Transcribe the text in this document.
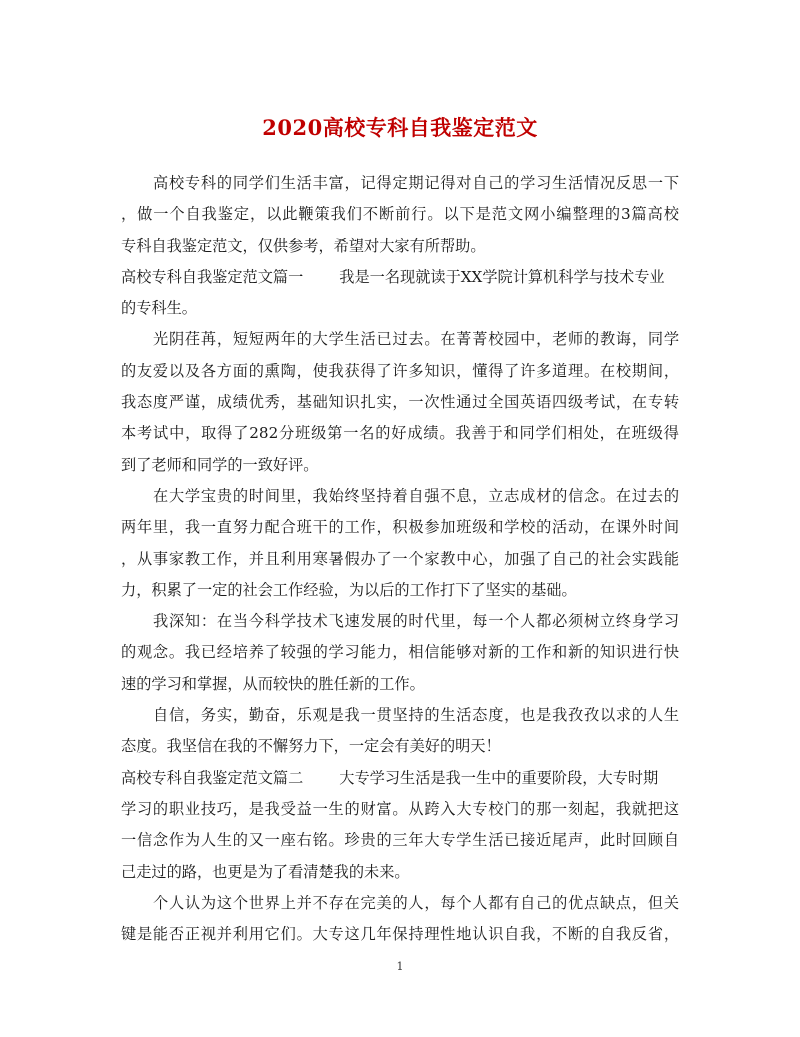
2020高校专科自我鉴定范文
高校专科的同学们生活丰富，记得定期记得对自己的学习生活情况反思一下
，做一个自我鉴定，以此鞭策我们不断前行。以下是范文网小编整理的3篇高校
专科自我鉴定范文，仅供参考，希望对大家有所帮助。
高校专科自我鉴定范文篇一 我是一名现就读于XX学院计算机科学与技术专业
的专科生。
光阴荏苒，短短两年的大学生活已过去。在菁菁校园中，老师的教诲，同学
的友爱以及各方面的熏陶，使我获得了许多知识，懂得了许多道理。在校期间，
我态度严谨，成绩优秀，基础知识扎实，一次性通过全国英语四级考试，在专转
本考试中，取得了282分班级第一名的好成绩。我善于和同学们相处，在班级得
到了老师和同学的一致好评。
在大学宝贵的时间里，我始终坚持着自强不息，立志成材的信念。在过去的
两年里，我一直努力配合班干的工作，积极参加班级和学校的活动，在课外时间
，从事家教工作，并且利用寒暑假办了一个家教中心，加强了自己的社会实践能
力，积累了一定的社会工作经验，为以后的工作打下了坚实的基础。
我深知：在当今科学技术飞速发展的时代里，每一个人都必须树立终身学习
的观念。我已经培养了较强的学习能力，相信能够对新的工作和新的知识进行快
速的学习和掌握，从而较快的胜任新的工作。
自信，务实，勤奋，乐观是我一贯坚持的生活态度，也是我孜孜以求的人生
态度。我坚信在我的不懈努力下，一定会有美好的明天！
高校专科自我鉴定范文篇二 大专学习生活是我一生中的重要阶段，大专时期
学习的职业技巧，是我受益一生的财富。从跨入大专校门的那一刻起，我就把这
一信念作为人生的又一座右铭。珍贵的三年大专学生活已接近尾声，此时回顾自
己走过的路，也更是为了看清楚我的未来。
个人认为这个世界上并不存在完美的人，每个人都有自己的优点缺点，但关
键是能否正视并利用它们。大专这几年保持理性地认识自我，不断的自我反省，
1
